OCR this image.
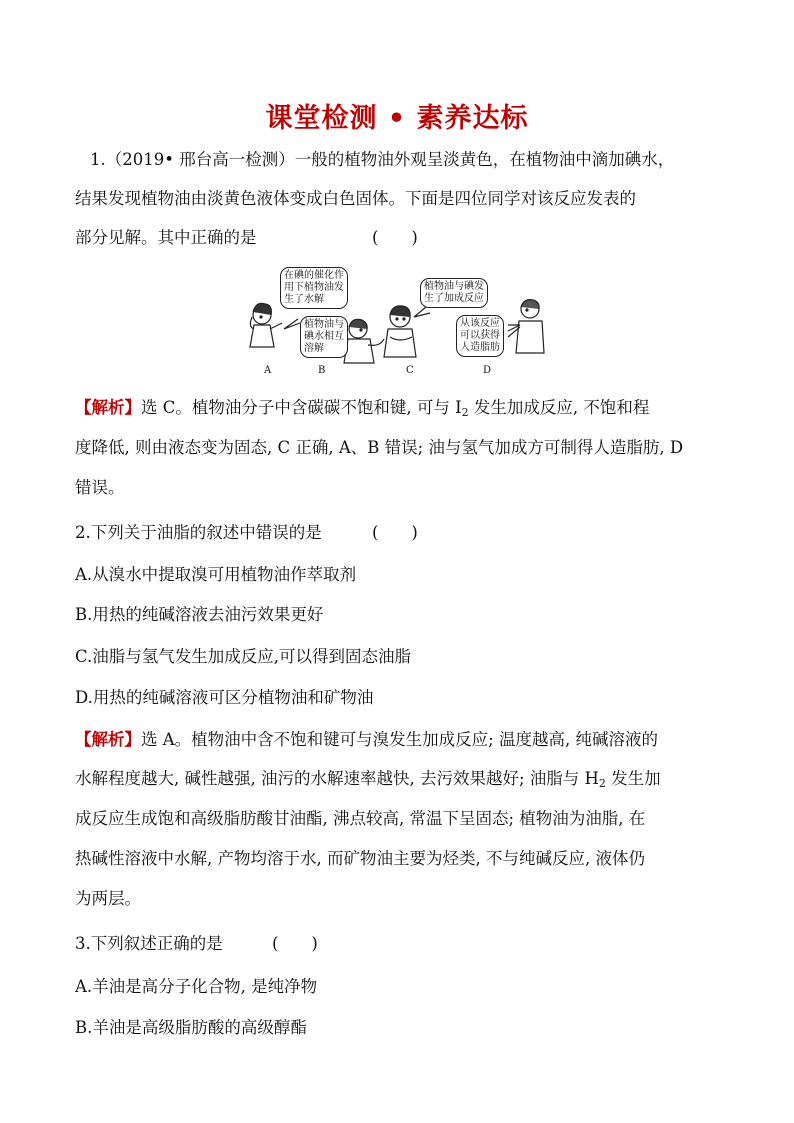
课堂检测 • 素养达标
1.（2019• 邢台高一检测）一般的植物油外观呈淡黄色，在植物油中滴加碘水，
结果发现植物油由淡黄色液体变成白色固体。下面是四位同学对该反应发表的
部分见解。其中正确的是	(　　)
在碘的催化作
用下植物油发
生了水解
植物油与
碘水相互
溶解
植物油与碘发
生了加成反应
从该反应
可以获得
人造脂肪
A	B	C	D
【解析】选 C。植物油分子中含碳碳不饱和键, 可与 $I_2$ 发生加成反应, 不饱和程
度降低, 则由液态变为固态, C 正确, A、B 错误; 油与氢气加成方可制得人造脂肪, D
错误。
2.下列关于油脂的叙述中错误的是	(　　)
A.从溴水中提取溴可用植物油作萃取剂
B.用热的纯碱溶液去油污效果更好
C.油脂与氢气发生加成反应,可以得到固态油脂
D.用热的纯碱溶液可区分植物油和矿物油
【解析】选 A。植物油中含不饱和键可与溴发生加成反应; 温度越高, 纯碱溶液的
水解程度越大, 碱性越强, 油污的水解速率越快, 去污效果越好; 油脂与 $H_2$ 发生加
成反应生成饱和高级脂肪酸甘油酯, 沸点较高, 常温下呈固态; 植物油为油脂, 在
热碱性溶液中水解, 产物均溶于水, 而矿物油主要为烃类, 不与纯碱反应, 液体仍
为两层。
3.下列叙述正确的是	(　　)
A.羊油是高分子化合物, 是纯净物
B.羊油是高级脂肪酸的高级醇酯
